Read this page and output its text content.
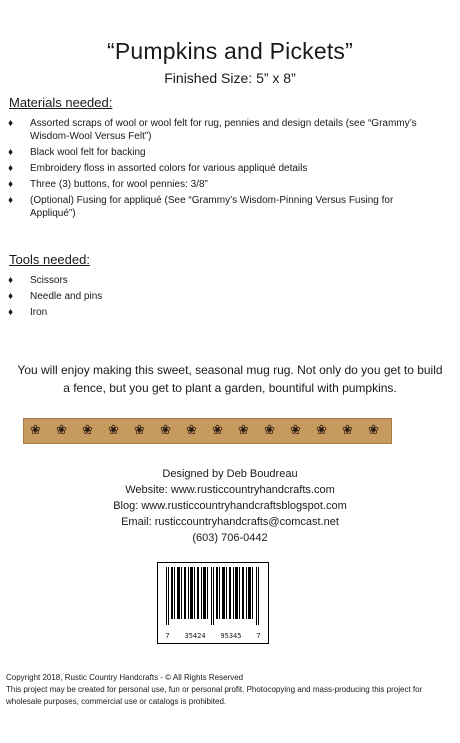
“Pumpkins and Pickets”
Finished Size: 5” x 8”
Materials needed:
♦ Assorted scraps of wool or wool felt for rug, pennies and design details (see “Grammy’s Wisdom-Wool Versus Felt”)
♦ Black wool felt for backing
♦ Embroidery floss in assorted colors for various appliqué details
♦ Three (3) buttons, for wool pennies: 3/8”
♦ (Optional) Fusing for appliqué (See “Grammy’s Wisdom-Pinning Versus Fusing for Appliqué”)
Tools needed:
♦ Scissors
♦ Needle and pins
♦ Iron
You will enjoy making this sweet, seasonal mug rug. Not only do you get to build
a fence, but you get to plant a garden, bountiful with pumpkins.
❀ ❀ ❀ ❀ ❀ ❀ ❀ ❀ ❀ ❀ ❀ ❀ ❀ ❀
Designed by Deb Boudreau
Website: www.rusticcountryhandcrafts.com
Blog: www.rusticcountryhandcraftsblogspot.com
Email: rusticcountryhandcrafts@comcast.net
(603) 706-0442
7 35424 95345 7
Copyright 2018, Rustic Country Handcrafts - © All Rights Reserved
This project may be created for personal use, fun or personal profit. Photocopying and mass-producing this project for wholesale purposes, commercial use or catalogs is prohibited.
